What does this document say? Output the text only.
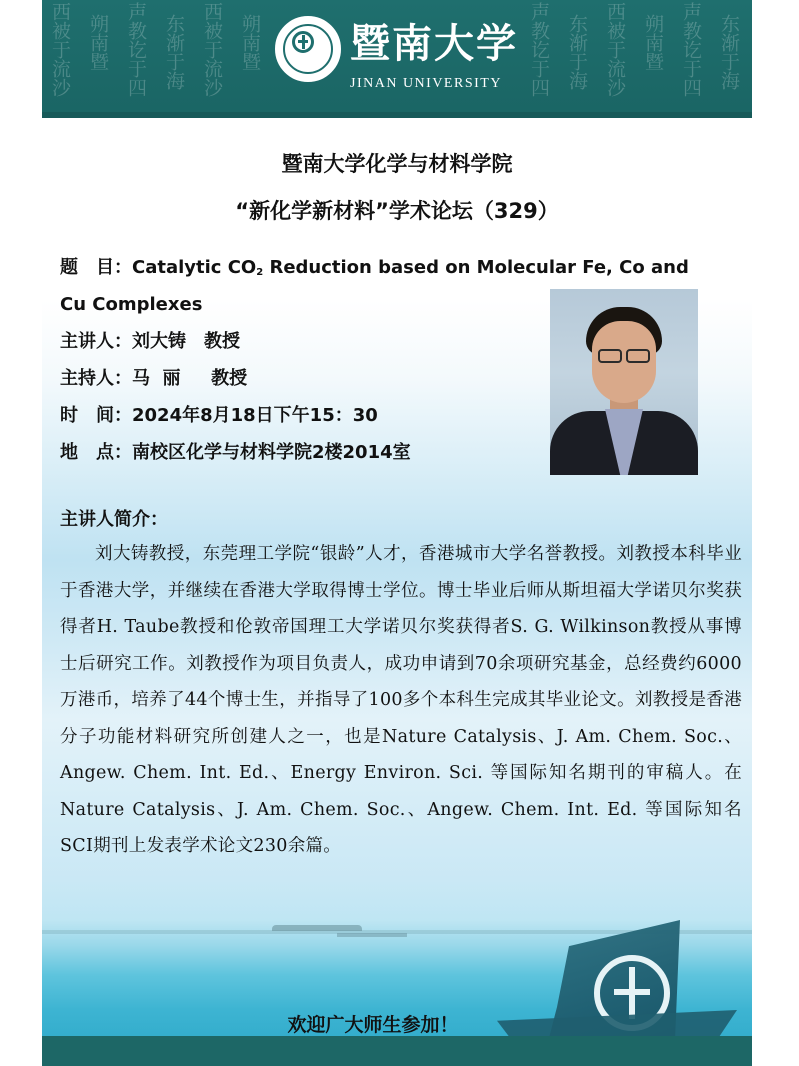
西被于流沙 朔南暨 声教讫于四 东渐于海 西被于流沙 朔南暨	声教讫于四 东渐于海 西被于流沙 朔南暨 声教讫于四 东渐于海
暨南大学
JINAN UNIVERSITY
暨南大学化学与材料学院
“新化学新材料”学术论坛（329）
题　目：Catalytic $CO_2$ Reduction based on Molecular Fe, Co and
Cu Complexes
主讲人：刘大铸　教授
主持人：马  丽　  教授
时　间：2024年8月18日下午15：30
地　点：南校区化学与材料学院2楼2014室
主讲人简介：
刘大铸教授，东莞理工学院“银龄”人才，香港城市大学名誉教授。刘教授本科毕业于香港大学，并继续在香港大学取得博士学位。博士毕业后师从斯坦福大学诺贝尔奖获得者H. Taube教授和伦敦帝国理工大学诺贝尔奖获得者S. G. Wilkinson教授从事博士后研究工作。刘教授作为项目负责人，成功申请到70余项研究基金，总经费约6000万港币，培养了44个博士生，并指导了100多个本科生完成其毕业论文。刘教授是香港分子功能材料研究所创建人之一，也是Nature Catalysis、J. Am. Chem. Soc.、Angew. Chem. Int. Ed.、Energy Environ. Sci. 等国际知名期刊的审稿人。在Nature Catalysis、J. Am. Chem. Soc.、Angew. Chem. Int. Ed. 等国际知名SCI期刊上发表学术论文230余篇。
欢迎广大师生参加！
